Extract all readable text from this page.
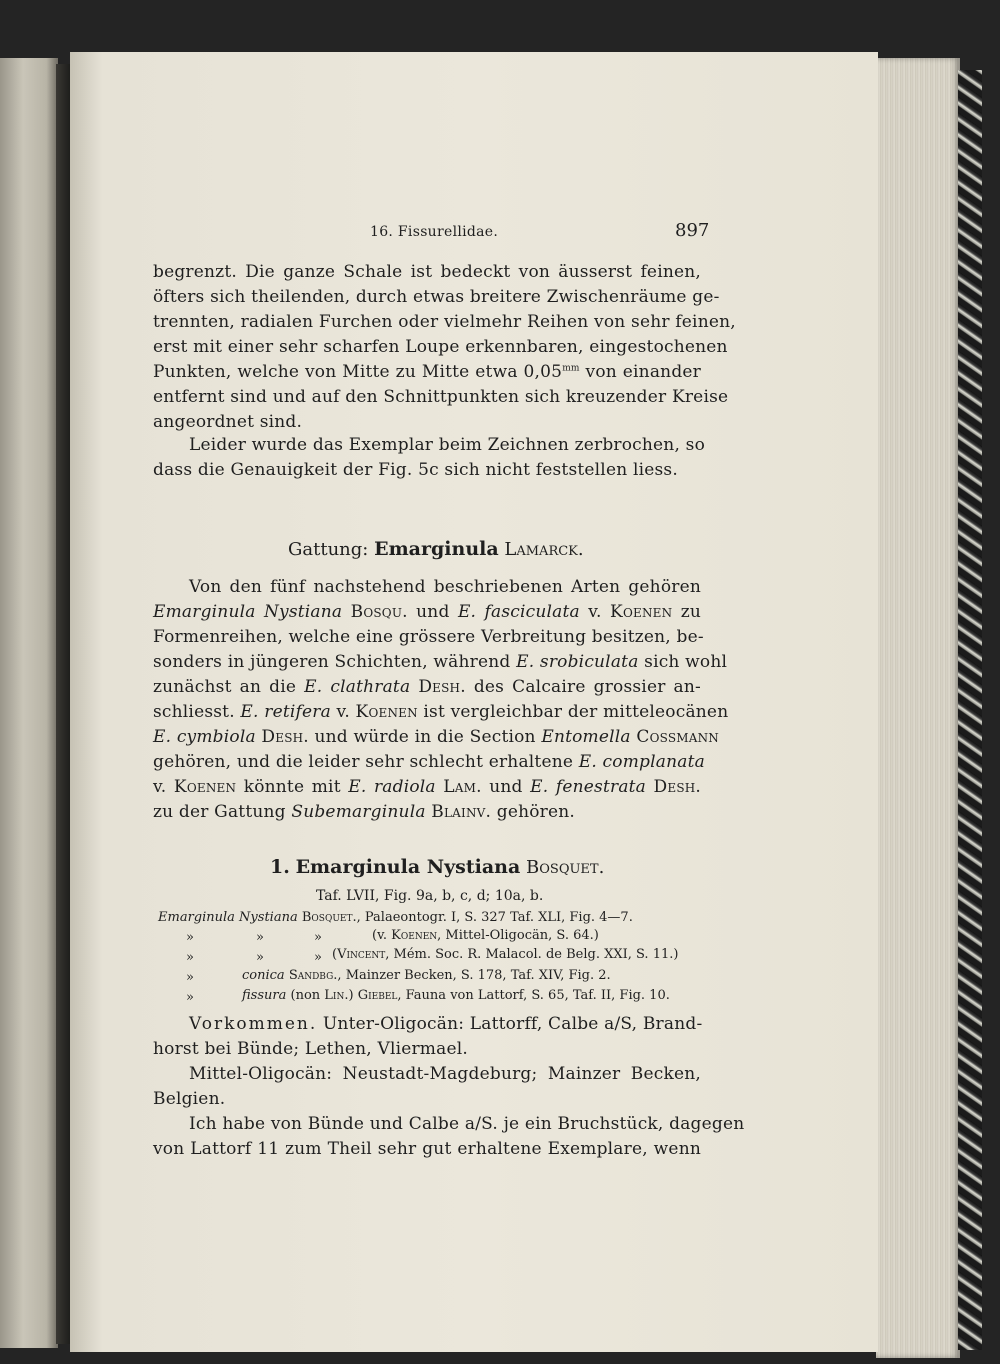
16. Fissurellidae.	897
begrenzt. Die ganze Schale ist bedeckt von äusserst feinen,
öfters sich theilenden, durch etwas breitere Zwischenräume ge-
trennten, radialen Furchen oder vielmehr Reihen von sehr feinen,
erst mit einer sehr scharfen Loupe erkennbaren, eingestochenen
Punkten, welche von Mitte zu Mitte etwa $0,05^{mm}$ von einander
entfernt sind und auf den Schnittpunkten sich kreuzender Kreise
angeordnet sind.
Leider wurde das Exemplar beim Zeichnen zerbrochen, so
dass die Genauigkeit der Fig. 5c sich nicht feststellen liess.
Gattung: Emarginula Lamarck.
Von den fünf nachstehend beschriebenen Arten gehören
Emarginula Nystiana Bosqu. und E. fasciculata v. Koenen zu
Formenreihen, welche eine grössere Verbreitung besitzen, be-
sonders in jüngeren Schichten, während E. srobiculata sich wohl
zunächst an die E. clathrata Desh. des Calcaire grossier an-
schliesst. E. retifera v. Koenen ist vergleichbar der mitteleocänen
E. cymbiola Desh. und würde in die Section Entomella Cossmann
gehören, und die leider sehr schlecht erhaltene E. complanata
v. Koenen könnte mit E. radiola Lam. und E. fenestrata Desh.
zu der Gattung Subemarginula Blainv. gehören.
1. Emarginula Nystiana Bosquet.
Taf. LVII, Fig. 9a, b, c, d; 10a, b.
Emarginula Nystiana Bosquet., Palaeontogr. I, S. 327 Taf. XLI, Fig. 4—7.
»	»	»	(v. Koenen, Mittel-Oligocän, S. 64.)
»	»	» (Vincent, Mém. Soc. R. Malacol. de Belg. XXI, S. 11.)
»	conica Sandbg., Mainzer Becken, S. 178, Taf. XIV, Fig. 2.
»	fissura (non Lin.) Giebel, Fauna von Lattorf, S. 65, Taf. II, Fig. 10.
Vorkommen. Unter-Oligocän: Lattorff, Calbe a/S, Brand-
horst bei Bünde; Lethen, Vliermael.
Mittel-Oligocän: Neustadt-Magdeburg; Mainzer Becken,
Belgien.
Ich habe von Bünde und Calbe a/S. je ein Bruchstück, dagegen
von Lattorf 11 zum Theil sehr gut erhaltene Exemplare, wenn
